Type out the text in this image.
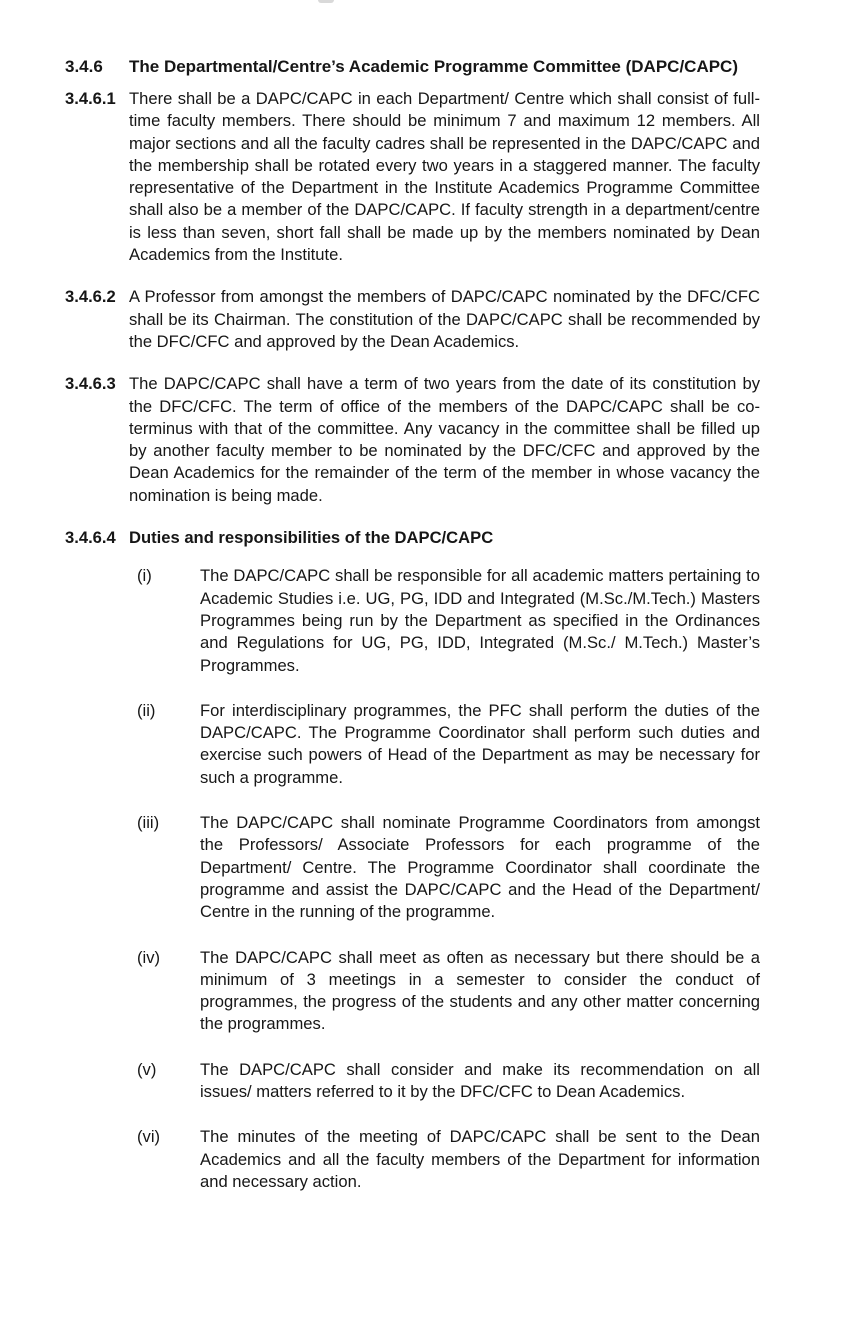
3.4.6	The Departmental/​Centre’s Academic Programme Committee (DAPC/​CAPC)
3.4.6.1 There shall be a DAPC/​CAPC in each Department/​ Centre which shall consist of full-time faculty members. There should be minimum 7 and maximum 12 members. All major sections and all the faculty cadres shall be represented in the DAPC/​CAPC and the membership shall be rotated every two years in a staggered manner. The faculty representative of the Department in the Institute Academics Programme Committee shall also be a member of the DAPC/​CAPC. If faculty strength in a department/​centre is less than seven, short fall shall be made up by the members nominated by Dean Academics from the Institute.

3.4.6.2 A Professor from amongst the members of DAPC/​CAPC nominated by the DFC/​CFC shall be its Chairman. The constitution of the DAPC/​CAPC shall be recommended by the DFC/​CFC and approved by the Dean Academics.

3.4.6.3 The DAPC/​CAPC shall have a term of two years from the date of its constitution by the DFC/​CFC. The term of office of the members of the DAPC/​CAPC shall be co-terminus with that of the committee. Any vacancy in the committee shall be filled up by another faculty member to be nominated by the DFC/​CFC and approved by the Dean Academics for the remainder of the term of the member in whose vacancy the nomination is being made.

3.4.6.4 Duties and responsibilities of the DAPC/​CAPC
(i)	The DAPC/​CAPC shall be responsible for all academic matters pertaining to Academic Studies i.e. UG, PG, IDD and Integrated (M.Sc./​M.Tech.) Masters Programmes being run by the Department as specified in the Ordinances and Regulations for UG, PG, IDD, Integrated (M.Sc./​ M.Tech.) Master’s Programmes.

(ii)	For interdisciplinary programmes, the PFC shall perform the duties of the DAPC/​CAPC. The Programme Coordinator shall perform such duties and exercise such powers of Head of the Department as may be necessary for such a programme.

(iii)	The DAPC/​CAPC shall nominate Programme Coordinators from amongst the Professors/​ Associate Professors for each programme of the Department/​ Centre. The Programme Coordinator shall coordinate the programme and assist the DAPC/​CAPC and the Head of the Department/​ Centre in the running of the programme.

(iv)	The DAPC/​CAPC shall meet as often as necessary but there should be a minimum of 3 meetings in a semester to consider the conduct of programmes, the progress of the students and any other matter concerning the programmes.

(v)	The DAPC/​CAPC shall consider and make its recommendation on all issues/​ matters referred to it by the DFC/​CFC to Dean Academics.

(vi)	The minutes of the meeting of DAPC/​CAPC shall be sent to the Dean Academics and all the faculty members of the Department for information and necessary action.
